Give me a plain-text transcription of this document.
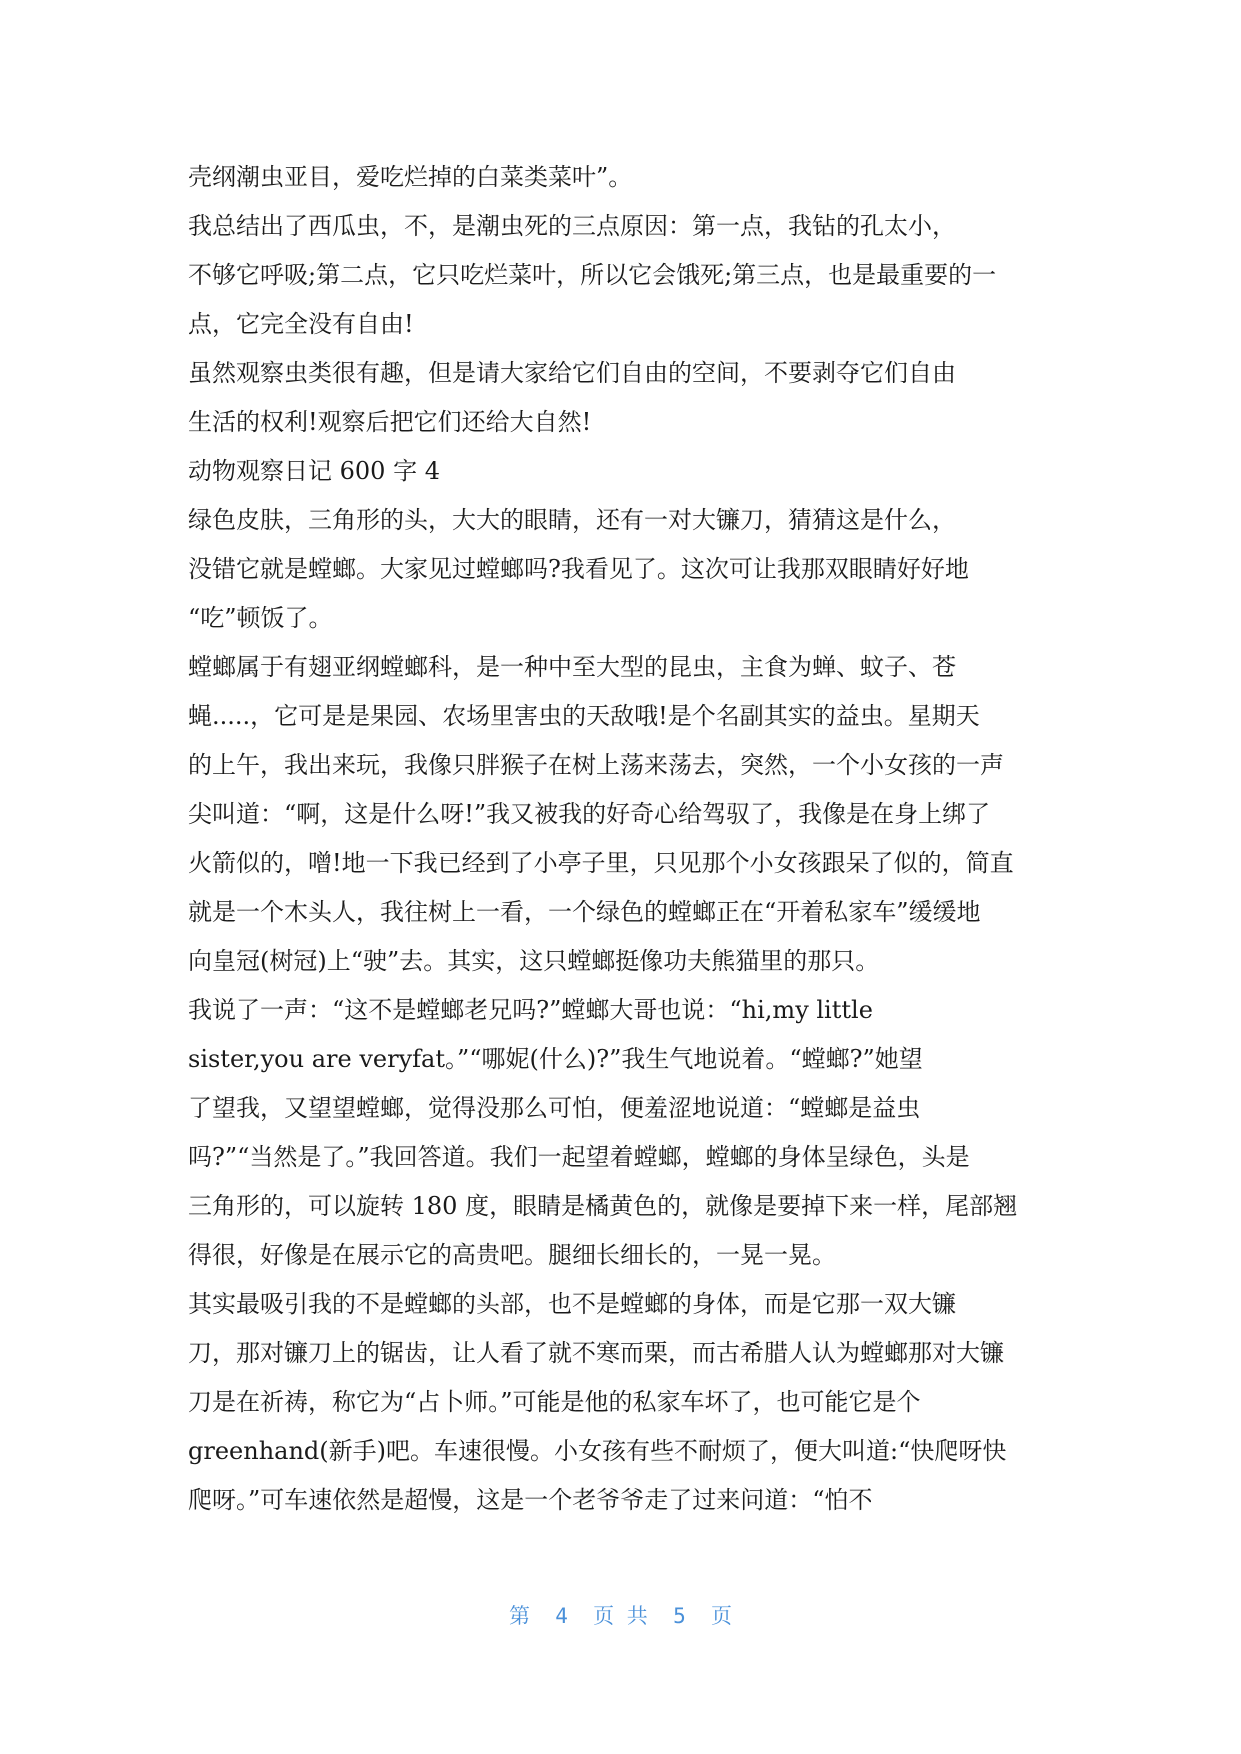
壳纲潮虫亚目，爱吃烂掉的白菜类菜叶”。
我总结出了西瓜虫，不，是潮虫死的三点原因：第一点，我钻的孔太小，
不够它呼吸;第二点，它只吃烂菜叶，所以它会饿死;第三点，也是最重要的一
点，它完全没有自由!
虽然观察虫类很有趣，但是请大家给它们自由的空间，不要剥夺它们自由
生活的权利!观察后把它们还给大自然!
动物观察日记 600 字 4
绿色皮肤，三角形的头，大大的眼睛，还有一对大镰刀，猜猜这是什么，
没错它就是螳螂。大家见过螳螂吗?我看见了。这次可让我那双眼睛好好地
“吃”顿饭了。
螳螂属于有翅亚纲螳螂科，是一种中至大型的昆虫，主食为蝉、蚊子、苍
蝇.....，它可是是果园、农场里害虫的天敌哦!是个名副其实的益虫。星期天
的上午，我出来玩，我像只胖猴子在树上荡来荡去，突然，一个小女孩的一声
尖叫道：“啊，这是什么呀!”我又被我的好奇心给驾驭了，我像是在身上绑了
火箭似的，噌!地一下我已经到了小亭子里，只见那个小女孩跟呆了似的，简直
就是一个木头人，我往树上一看，一个绿色的螳螂正在“开着私家车”缓缓地
向皇冠(树冠)上“驶”去。其实，这只螳螂挺像功夫熊猫里的那只。
我说了一声：“这不是螳螂老兄吗?”螳螂大哥也说：“hi,my little
sister,you are veryfat。”“哪妮(什么)?”我生气地说着。“螳螂?”她望
了望我，又望望螳螂，觉得没那么可怕，便羞涩地说道：“螳螂是益虫
吗?”“当然是了。”我回答道。我们一起望着螳螂，螳螂的身体呈绿色，头是
三角形的，可以旋转 180 度，眼睛是橘黄色的，就像是要掉下来一样，尾部翘
得很，好像是在展示它的高贵吧。腿细长细长的，一晃一晃。
其实最吸引我的不是螳螂的头部，也不是螳螂的身体，而是它那一双大镰
刀，那对镰刀上的锯齿，让人看了就不寒而栗，而古希腊人认为螳螂那对大镰
刀是在祈祷，称它为“占卜师。”可能是他的私家车坏了，也可能它是个
greenhand(新手)吧。车速很慢。小女孩有些不耐烦了，便大叫道:“快爬呀快
爬呀。”可车速依然是超慢，这是一个老爷爷走了过来问道：“怕不
第  4  页 共  5  页
